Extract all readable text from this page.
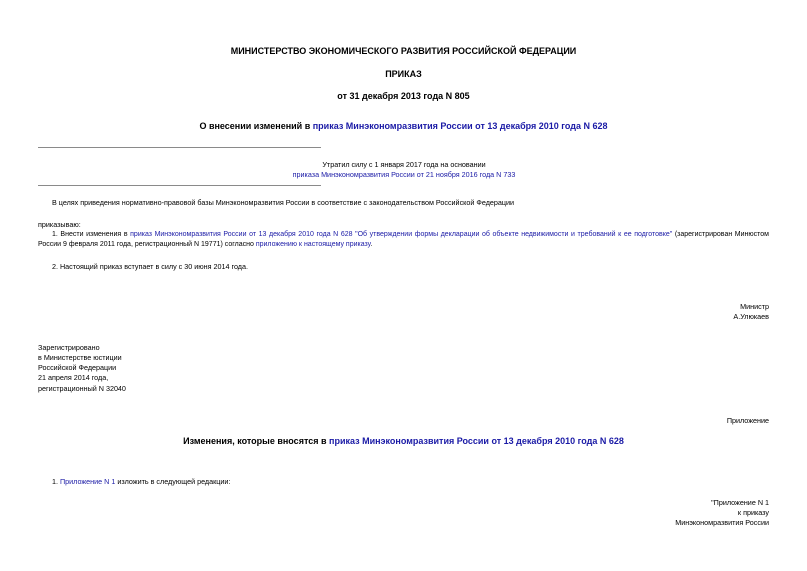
МИНИСТЕРСТВО ЭКОНОМИЧЕСКОГО РАЗВИТИЯ РОССИЙСКОЙ ФЕДЕРАЦИИ
ПРИКАЗ
от 31 декабря 2013 года N 805
О внесении изменений в приказ Минэкономразвития России от 13 декабря 2010 года N 628
Утратил силу с 1 января 2017 года на основании
приказа Минэкономразвития России от 21 ноября 2016 года N 733
В целях приведения нормативно-правовой базы Минэкономразвития России в соответствие с законодательством Российской Федерации
приказываю:
1. Внести изменения в приказ Минэкономразвития России от 13 декабря 2010 года N 628 "Об утверждении формы декларации об объекте недвижимости и требований к ее подготовке" (зарегистрирован Минюстом России 9 февраля 2011 года, регистрационный N 19771) согласно приложению к настоящему приказу.
2. Настоящий приказ вступает в силу с 30 июня 2014 года.
Министр
А.Улюкаев
Зарегистрировано
в Министерстве юстиции
Российской Федерации
21 апреля 2014 года,
регистрационный N 32040
Приложение
Изменения, которые вносятся в приказ Минэкономразвития России от 13 декабря 2010 года N 628
1. Приложение N 1 изложить в следующей редакции:
"Приложение N 1
к приказу
Минэкономразвития России
